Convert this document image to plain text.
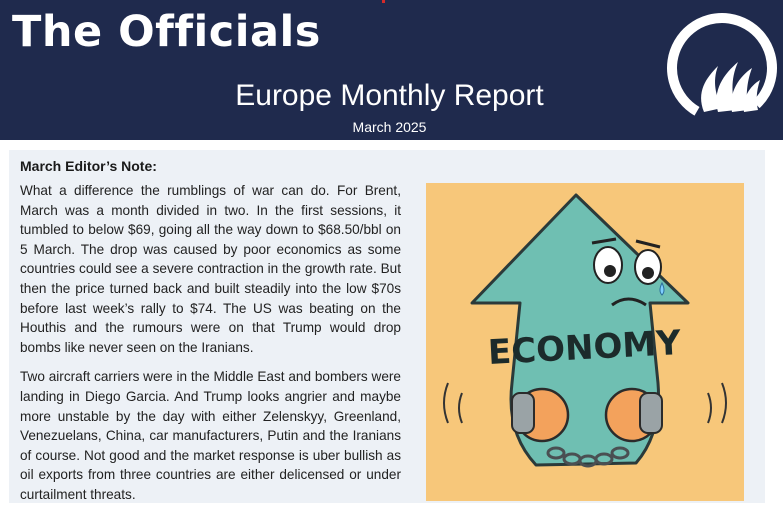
The Officials
Europe Monthly Report
March 2025
March Editor’s Note:

What a difference the rumblings of war can do. For Brent, March was a month divided in two. In the first sessions, it tumbled to below $69, going all the way down to $68.50/bbl on 5 March. The drop was caused by poor economics as some countries could see a severe contraction in the growth rate. But then the price turned back and built steadily into the low $70s before last week’s rally to $74. The US was beating on the Houthis and the rumours were on that Trump would drop bombs like never seen on the Iranians.

Two aircraft carriers were in the Middle East and bombers were landing in Diego Garcia. And Trump looks angrier and maybe more unstable by the day with either Zelenskyy, Greenland, Venezuelans, China, car manufacturers, Putin and the Iranians of course. Not good and the market response is uber bullish as oil exports from three countries are either delicensed or under curtailment threats.

ECONOMY
